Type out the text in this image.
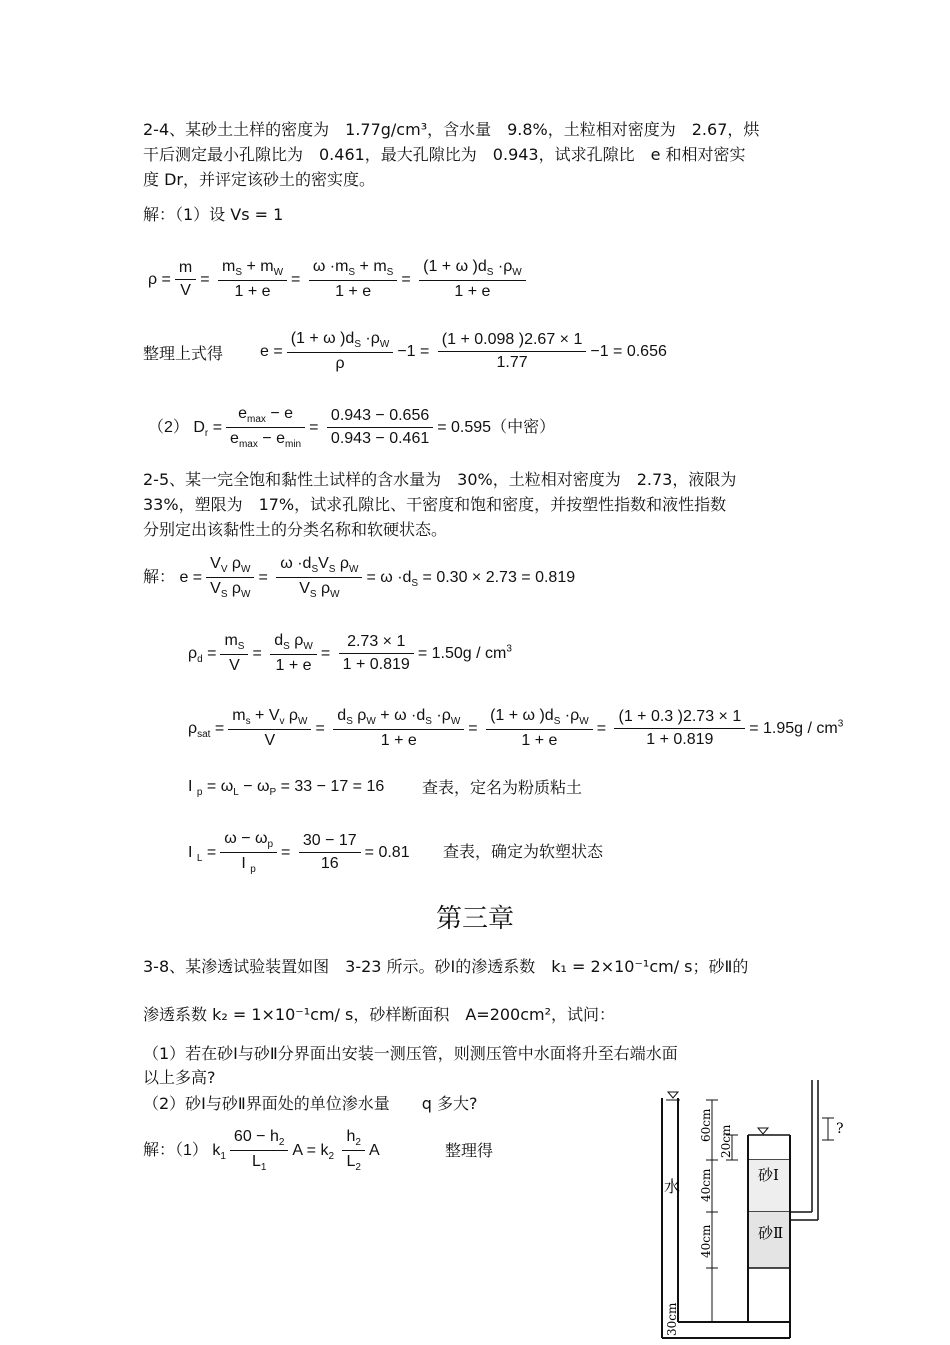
2-4、某砂土土样的密度为　1.77g/cm³，含水量　9.8%，土粒相对密度为　2.67，烘
干后测定最小孔隙比为　0.461，最大孔隙比为　0.943，试求孔隙比　e 和相对密实
度 Dr，并评定该砂土的密实度。
解：（1）设 Vs = 1
$\rho = \frac{m}{V} = \frac{m_S + m_W}{1 + e} = \frac{\omega \cdot m_S + m_S}{1 + e} = \frac{(1 + \omega )d_S \cdot\rho_W}{1 + e}$
整理上式得 $e = \frac{(1 + \omega )d_S \cdot\rho_W}{\rho} -1 = \frac{(1 + 0.098 )2.67 \times 1}{1.77} -1 = 0.656$
（2） $D_r = \frac{e_{max} - e}{e_{max} - e_{min}} = \frac{0.943 - 0.656}{0.943 - 0.461} = 0.595$（中密）
2-5、某一完全饱和黏性土试样的含水量为　30%，土粒相对密度为　2.73，液限为
33%，塑限为　17%，试求孔隙比、干密度和饱和密度，并按塑性指数和液性指数
分别定出该黏性土的分类名称和软硬状态。
解： $e = \frac{V_V \rho_W}{V_S \rho_W} = \frac{\omega \cdot d_SV_S \rho_W}{V_S \rho_W} = \omega \cdot d_S = 0.30 \times 2.73 = 0.819$
$\rho_d = \frac{m_S}{V} = \frac{d_S \rho_W}{1 + e} = \frac{2.73 \times 1}{1 + 0.819} = 1.50g / cm^3$
$\rho_{sat} = \frac{m_s + V_v \rho_W}{V} = \frac{d_S \rho_W + \omega \cdot d_S \cdot\rho_W}{1 + e} = \frac{(1 + \omega )d_S \cdot\rho_W}{1 + e} = \frac{(1 + 0.3 )2.73 \times 1}{1 + 0.819} = 1.95g / cm^3$
I $_p = \omega_L - \omega_P = 33 - 17 = 16$ 查表，定名为粉质粘土
I $_L = \frac{\omega - \omega_p}{I _p} = \frac{30 - 17}{16} = 0.81$ 查表，确定为软塑状态
第三章
3-8、某渗透试验装置如图　3-23 所示。砂Ⅰ的渗透系数　k₁ = 2×10⁻¹cm/ s；砂Ⅱ的
渗透系数 k₂ = 1×10⁻¹cm/ s，砂样断面积　A=200cm²，试问：
（1）若在砂Ⅰ与砂Ⅱ分界面出安装一测压管，则测压管中水面将升至右端水面
以上多高?
（2）砂Ⅰ与砂Ⅱ界面处的单位渗水量　　q 多大?
解：（1） $k_1 \frac{60 - h_2}{L_1}$ $A = k_2 \frac{h_2}{L_2}$ A	整理得
?
60cm 20cm
40cm
40cm
30cm
水
砂Ⅰ
砂Ⅱ
